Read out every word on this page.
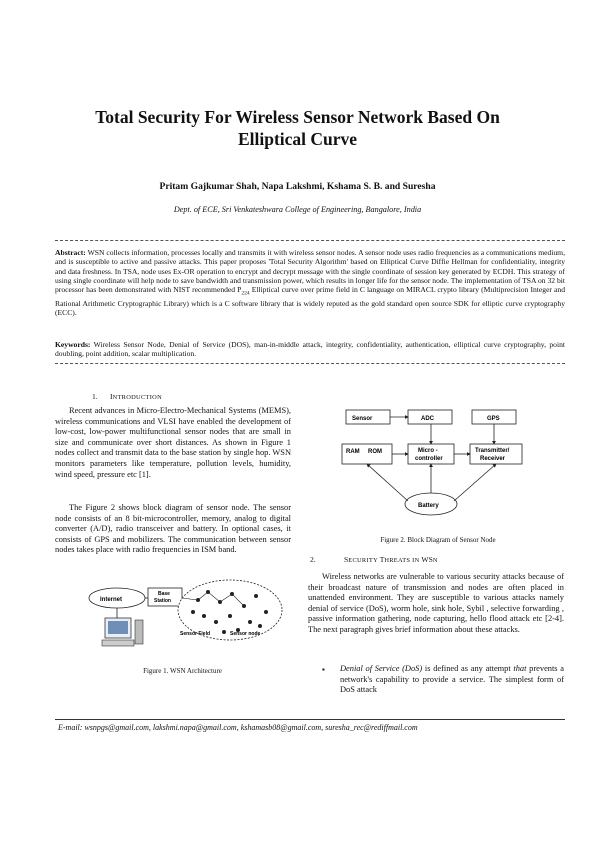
Total Security For Wireless Sensor Network Based On
Elliptical Curve
Pritam Gajkumar Shah, Napa Lakshmi, Kshama S. B. and Suresha
Dept. of ECE, Sri Venkateshwara College of Engineering, Bangalore, India
Abstract: WSN collects information, processes locally and transmits it with wireless sensor nodes. A sensor node uses radio frequencies as a communications medium, and is susceptible to active and passive attacks. This paper proposes 'Total Security Algorithm' based on Elliptical Curve Diffie Hellman for confidentiality, integrity and data freshness. In TSA, node uses Ex-OR operation to encrypt and decrypt message with the single coordinate of session key generated by ECDH. This strategy of using single coordinate will help node to save bandwidth and transmission power, which results in longer life for the sensor node. The implementation of TSA on 32 bit processor has been demonstrated with NIST recommended $P_{224}$ Elliptical curve over prime field in C language on MIRACL crypto library (Multiprecision Integer and Rational Arithmetic Cryptographic Library) which is a C software library that is widely reputed as the gold standard open source SDK for elliptic curve cryptography (ECC).
Keywords: Wireless Sensor Node, Denial of Service (DOS), man-in-middle attack, integrity, confidentiality, authentication, elliptical curve cryptography, point doubling, point addition, scalar multiplication.
1. INTRODUCTION
Recent advances in Micro-Electro-Mechanical Systems (MEMS), wireless communications and VLSI have enabled the development of low-cost, low-power multifunctional sensor nodes that are small in size and communicate over short distances. As shown in Figure 1 nodes collect and transmit data to the base station by single hop. WSN monitors parameters like temperature, pollution levels, humidity, wind speed, pressure etc [1].
The Figure 2 shows block diagram of sensor node. The sensor node consists of an 8 bit-microcontroller, memory, analog to digital converter (A/D), radio transceiver and battery. In optional cases, it consists of GPS and mobilizers. The communication between sensor nodes takes place with radio frequencies in ISM band.
Internet
Base
Station
Sensor Field	Sensor node
Figure 1. WSN Architecture
Sensor	ADC	GPS
RAM ROM	Micro -
controller
Transmitter/
Receiver
Battery
Figure 2. Block Diagram of Sensor Node
2.	SECURITY THREATS IN WSN
Wireless networks are vulnerable to various security attacks because of their broadcast nature of transmission and nodes are often placed in unattended environment. They are susceptible to various attacks namely denial of service (DoS), worm hole, sink hole, Sybil , selective forwarding , passive information gathering, node capturing, hello flood attack etc [2-4]. The next paragraph gives brief information about these attacks.
▪ Denial of Service (DoS) is defined as any attempt that prevents a network's capability to provide a service. The simplest form of DoS attack
E-mail: wsnpgs@gmail.com, lakshmi.napa@gmail.com, kshamasb08@gmail.com, suresha_rec@rediffmail.com
